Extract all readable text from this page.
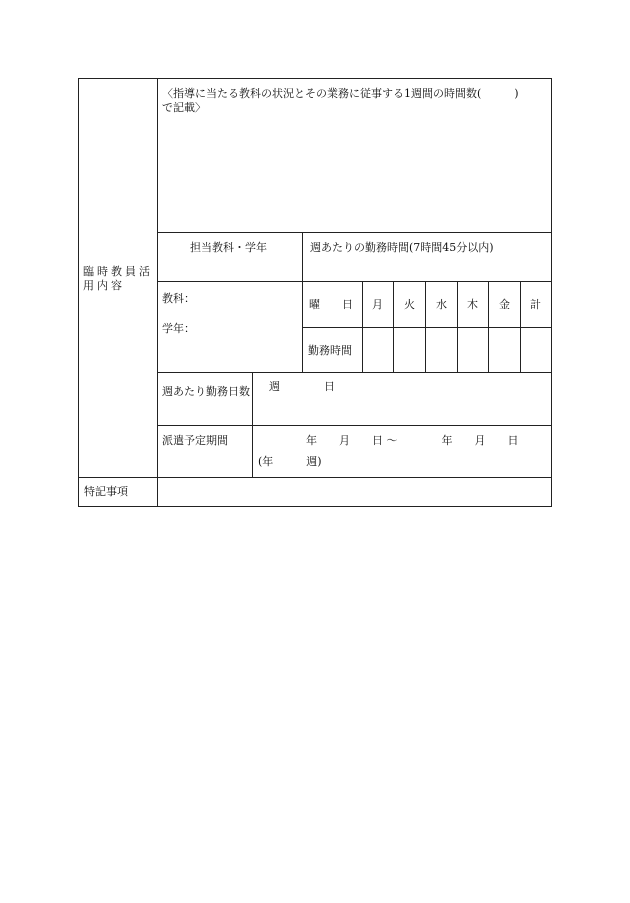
臨時教員活用内容
〈指導に当たる教科の状況とその業務に従事する1週間の時間数(　　　)
で記載〉
担当教科・学年	週あたりの勤務時間(7時間45分以内)
教科：
学年：
曜　　日 月 火 水 木 金 計
勤務時間
週あたり勤務日数 週　　　　日
派遣予定期間	年　　月　　日 〜　　　　年　　月　　日
(年　　　週)
特記事項
